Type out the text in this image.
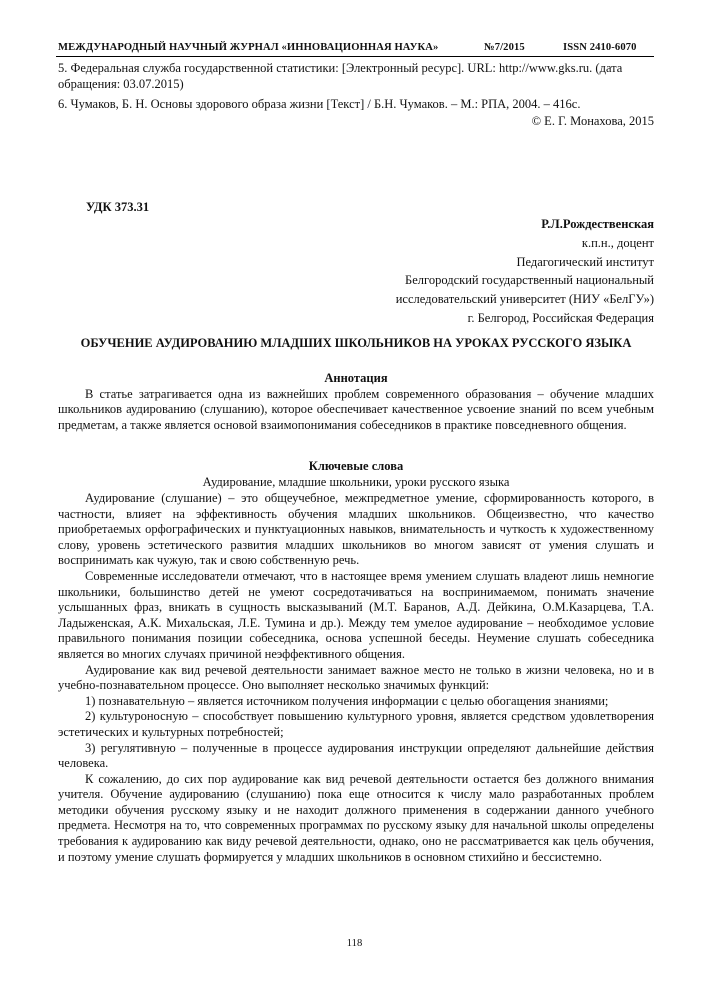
МЕЖДУНАРОДНЫЙ НАУЧНЫЙ ЖУРНАЛ «ИННОВАЦИОННАЯ НАУКА»	№7/2015	ISSN 2410-6070

5. Федеральная служба государственной статистики: [Электронный ресурс]. URL: http://www.gks.ru. (дата обращения: 03.07.2015)

6. Чумаков, Б. Н. Основы здорового образа жизни [Текст] / Б.Н. Чумаков. – М.: РПА, 2004. – 416с.

© Е. Г. Монахова, 2015

УДК 373.31

Р.Л.Рождественская

к.п.н., доцент

Педагогический институт

Белгородский государственный национальный

исследовательский университет (НИУ «БелГУ»)

г. Белгород, Российская Федерация

ОБУЧЕНИЕ АУДИРОВАНИЮ МЛАДШИХ ШКОЛЬНИКОВ НА УРОКАХ РУССКОГО ЯЗЫКА

Аннотация

В статье затрагивается одна из важнейших проблем современного образования – обучение младших школьников аудированию (слушанию), которое обеспечивает качественное усвоение знаний по всем учебным предметам, а также является основой взаимопонимания собеседников в практике повседневного общения.

Ключевые слова

Аудирование, младшие школьники, уроки русского языка

Аудирование (слушание) – это общеучебное, межпредметное умение, сформированность которого, в частности, влияет на эффективность обучения младших школьников. Общеизвестно, что качество приобретаемых орфографических и пунктуационных навыков, внимательность и чуткость к художественному слову, уровень эстетического развития младших школьников во многом зависят от умения слушать и воспринимать как чужую, так и свою собственную речь.

Современные исследователи отмечают, что в настоящее время умением слушать владеют лишь немногие школьники, большинство детей не умеют сосредотачиваться на воспринимаемом, понимать значение услышанных фраз, вникать в сущность высказываний (М.Т. Баранов, А.Д. Дейкина, О.М.Казарцева, Т.А. Ладыженская, А.К. Михальская, Л.Е. Тумина и др.). Между тем умелое аудирование – необходимое условие правильного понимания позиции собеседника, основа успешной беседы. Неумение слушать собеседника является во многих случаях причиной неэффективного общения.

Аудирование как вид речевой деятельности занимает важное место не только в жизни человека, но и в учебно-познавательном процессе. Оно выполняет несколько значимых функций:

1) познавательную – является источником получения информации с целью обогащения знаниями;

2) культуроносную – способствует повышению культурного уровня, является средством удовлетворения эстетических и культурных потребностей;

3) регулятивную – полученные в процессе аудирования инструкции определяют дальнейшие действия человека.

К сожалению, до сих пор аудирование как вид речевой деятельности остается без должного внимания учителя. Обучение аудированию (слушанию) пока еще относится к числу мало разработанных проблем методики обучения русскому языку и не находит должного применения в содержании данного учебного предмета. Несмотря на то, что современных программах по русскому языку для начальной школы определены требования к аудированию как виду речевой деятельности, однако, оно не рассматривается как цель обучения, и поэтому умение слушать формируется у младших школьников в основном стихийно и бессистемно.

118
